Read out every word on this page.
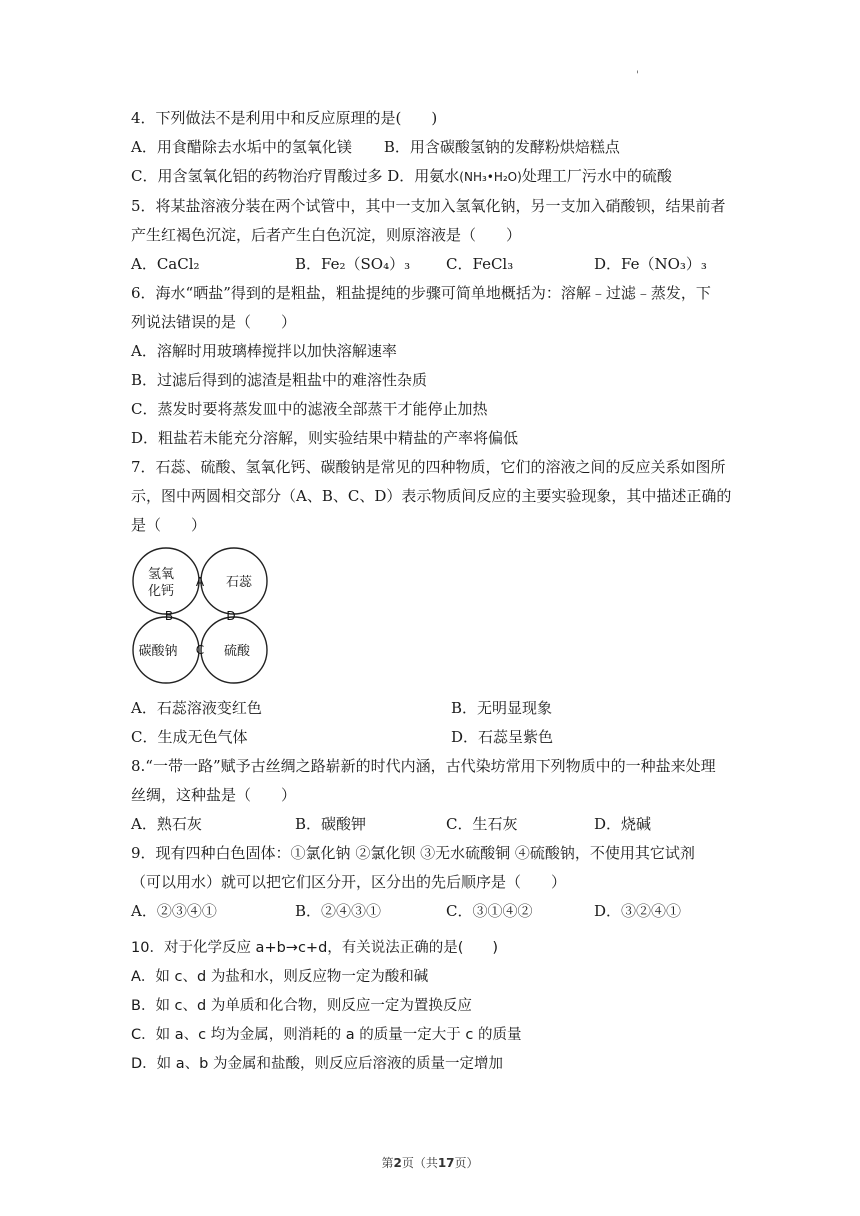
'
4．下列做法不是利用中和反应原理的是(　　)
A．用食醋除去水垢中的氢氧化镁 B．用含碳酸氢钠的发酵粉烘焙糕点
C．用含氢氧化铝的药物治疗胃酸过多 D．用氨水(NH₃•H₂O)处理工厂污水中的硫酸
5．将某盐溶液分装在两个试管中，其中一支加入氢氧化钠，另一支加入硝酸钡，结果前者
产生红褐色沉淀，后者产生白色沉淀，则原溶液是（　　）
A．CaCl₂	B．Fe₂（SO₄）₃	C．FeCl₃	D．Fe（NO₃）₃
6．海水“晒盐”得到的是粗盐，粗盐提纯的步骤可简单地概括为：溶解﹣过滤﹣蒸发，下
列说法错误的是（　　）
A．溶解时用玻璃棒搅拌以加快溶解速率
B．过滤后得到的滤渣是粗盐中的难溶性杂质
C．蒸发时要将蒸发皿中的滤液全部蒸干才能停止加热
D．粗盐若未能充分溶解，则实验结果中精盐的产率将偏低
7．石蕊、硫酸、氢氧化钙、碳酸钠是常见的四种物质，它们的溶液之间的反应关系如图所
示，图中两圆相交部分（A、B、C、D）表示物质间反应的主要实验现象，其中描述正确的
是（　　）
氢氧
化钙
石蕊
碳酸钠	硫酸
A
B
C
D
A．石蕊溶液变红色	B．无明显现象
C．生成无色气体	D．石蕊呈紫色
8.“一带一路”赋予古丝绸之路崭新的时代内涵，古代染坊常用下列物质中的一种盐来处理
丝绸，这种盐是（　　）
A．熟石灰	B．碳酸钾	C．生石灰	D．烧碱
9．现有四种白色固体：①氯化钠 ②氯化钡 ③无水硫酸铜 ④硫酸钠，不使用其它试剂
（可以用水）就可以把它们区分开，区分出的先后顺序是（　　）
A．②③④①	B．②④③①	C．③①④②	D．③②④①
10．对于化学反应 a+b→c+d，有关说法正确的是(　　)
A．如 c、d 为盐和水，则反应物一定为酸和碱
B．如 c、d 为单质和化合物，则反应一定为置换反应
C．如 a、c 均为金属，则消耗的 a 的质量一定大于 c 的质量
D．如 a、b 为金属和盐酸，则反应后溶液的质量一定增加
第2页（共17页）
